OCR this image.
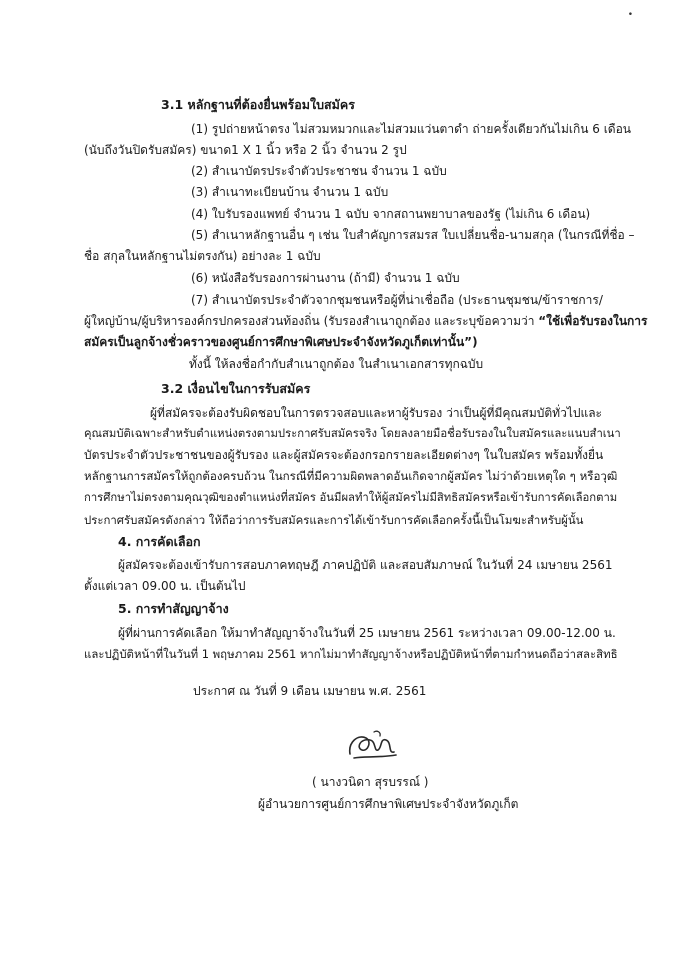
•
3.1 หลักฐานที่ต้องยื่นพร้อมใบสมัคร
(1) รูปถ่ายหน้าตรง ไม่สวมหมวกและไม่สวมแว่นตาดำ ถ่ายครั้งเดียวกันไม่เกิน 6 เดือน
(นับถึงวันปิดรับสมัคร) ขนาด1 X 1 นิ้ว หรือ 2 นิ้ว จำนวน 2 รูป
(2) สำเนาบัตรประจำตัวประชาชน จำนวน 1 ฉบับ
(3) สำเนาทะเบียนบ้าน จำนวน 1 ฉบับ
(4) ใบรับรองแพทย์ จำนวน 1 ฉบับ จากสถานพยาบาลของรัฐ (ไม่เกิน 6 เดือน)
(5) สำเนาหลักฐานอื่น ๆ เช่น ใบสำคัญการสมรส ใบเปลี่ยนชื่อ-นามสกุล (ในกรณีที่ชื่อ –
ชื่อ สกุลในหลักฐานไม่ตรงกัน) อย่างละ 1 ฉบับ
(6) หนังสือรับรองการผ่านงาน (ถ้ามี) จำนวน 1 ฉบับ
(7) สำเนาบัตรประจำตัวจากชุมชนหรือผู้ที่น่าเชื่อถือ (ประธานชุมชน/ข้าราชการ/
ผู้ใหญ่บ้าน/ผู้บริหารองค์กรปกครองส่วนท้องถิ่น (รับรองสำเนาถูกต้อง และระบุข้อความว่า “ใช้เพื่อรับรองในการ
สมัครเป็นลูกจ้างชั่วคราวของศูนย์การศึกษาพิเศษประจำจังหวัดภูเก็ตเท่านั้น”)
ทั้งนี้ ให้ลงชื่อกำกับสำเนาถูกต้อง ในสำเนาเอกสารทุกฉบับ
3.2 เงื่อนไขในการรับสมัคร
ผู้ที่สมัครจะต้องรับผิดชอบในการตรวจสอบและหาผู้รับรอง ว่าเป็นผู้ที่มีคุณสมบัติทั่วไปและ
คุณสมบัติเฉพาะสำหรับตำแหน่งตรงตามประกาศรับสมัครจริง โดยลงลายมือชื่อรับรองในใบสมัครและแนบสำเนา
บัตรประจำตัวประชาชนของผู้รับรอง และผู้สมัครจะต้องกรอกรายละเอียดต่างๆ ในใบสมัคร พร้อมทั้งยื่น
หลักฐานการสมัครให้ถูกต้องครบถ้วน ในกรณีที่มีความผิดพลาดอันเกิดจากผู้สมัคร ไม่ว่าด้วยเหตุใด ๆ หรือวุฒิ
การศึกษาไม่ตรงตามคุณวุฒิของตำแหน่งที่สมัคร อันมีผลทำให้ผู้สมัครไม่มีสิทธิสมัครหรือเข้ารับการคัดเลือกตาม
ประกาศรับสมัครดังกล่าว ให้ถือว่าการรับสมัครและการได้เข้ารับการคัดเลือกครั้งนี้เป็นโมฆะสำหรับผู้นั้น
4. การคัดเลือก
ผู้สมัครจะต้องเข้ารับการสอบภาคทฤษฎี ภาคปฏิบัติ และสอบสัมภาษณ์ ในวันที่ 24 เมษายน 2561
ตั้งแต่เวลา 09.00 น. เป็นต้นไป
5. การทำสัญญาจ้าง
ผู้ที่ผ่านการคัดเลือก ให้มาทำสัญญาจ้างในวันที่ 25 เมษายน 2561 ระหว่างเวลา 09.00-12.00 น.
และปฏิบัติหน้าที่ในวันที่ 1 พฤษภาคม 2561 หากไม่มาทำสัญญาจ้างหรือปฏิบัติหน้าที่ตามกำหนดถือว่าสละสิทธิ
ประกาศ ณ วันที่ 9 เดือน เมษายน พ.ศ. 2561
( นางวนิดา สุรบรรณ์ )
ผู้อำนวยการศูนย์การศึกษาพิเศษประจำจังหวัดภูเก็ต
